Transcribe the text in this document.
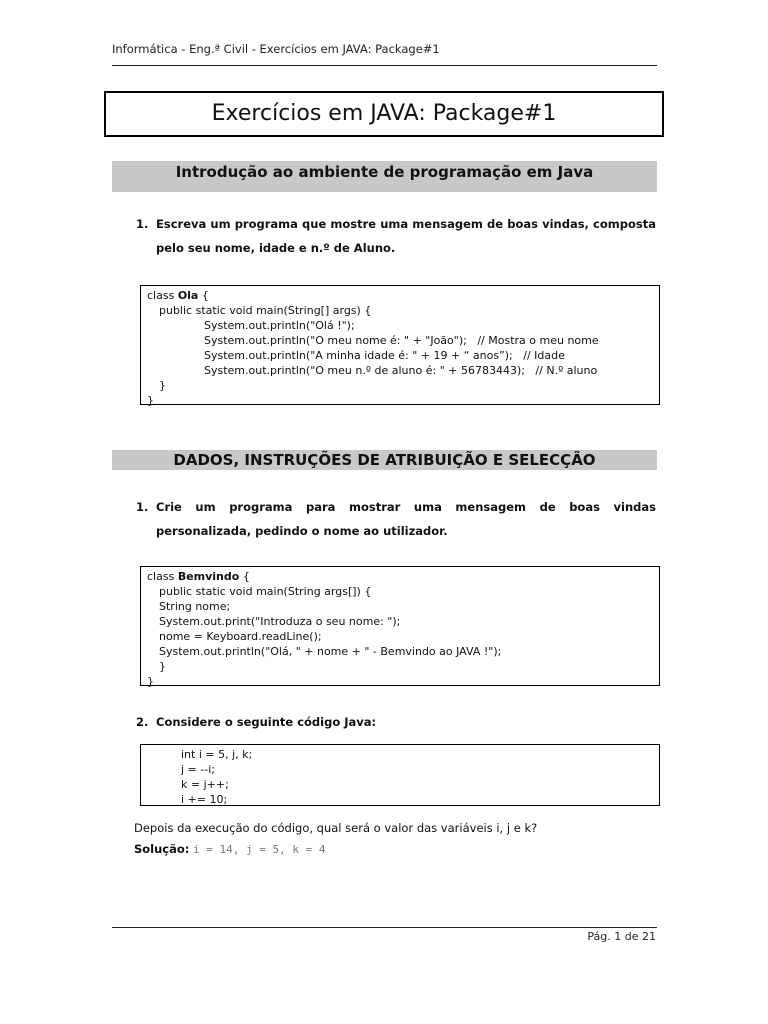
Informática - Eng.ª Civil - Exercícios em JAVA: Package#1
Exercícios em JAVA: Package#1
Introdução ao ambiente de programação em Java
1. Escreva um programa que mostre uma mensagem de boas vindas, composta pelo seu nome, idade e n.º de Aluno.
class Ola {
public static void main(String[] args) {
System.out.println("Olá !");
System.out.println("O meu nome é: " + "João");   // Mostra o meu nome
System.out.println("A minha idade é: " + 19 + “ anos”);   // Idade
System.out.println("O meu n.º de aluno é: " + 56783443);   // N.º aluno
}
}
DADOS, INSTRUÇÕES DE ATRIBUIÇÃO E SELECÇÃO
1. Crie um programa para mostrar uma mensagem de boas vindas personalizada, pedindo o nome ao utilizador.
class Bemvindo {
public static void main(String args[]) {
String nome;
System.out.print("Introduza o seu nome: ");
nome = Keyboard.readLine();
System.out.println("Olá, " + nome + " - Bemvindo ao JAVA !");
}
}
2. Considere o seguinte código Java:
int i = 5, j, k;
j = --i;
k = j++;
i += 10;
Depois da execução do código, qual será o valor das variáveis i, j e k?
Solução: i = 14, j = 5, k = 4
Pág. 1 de 21
